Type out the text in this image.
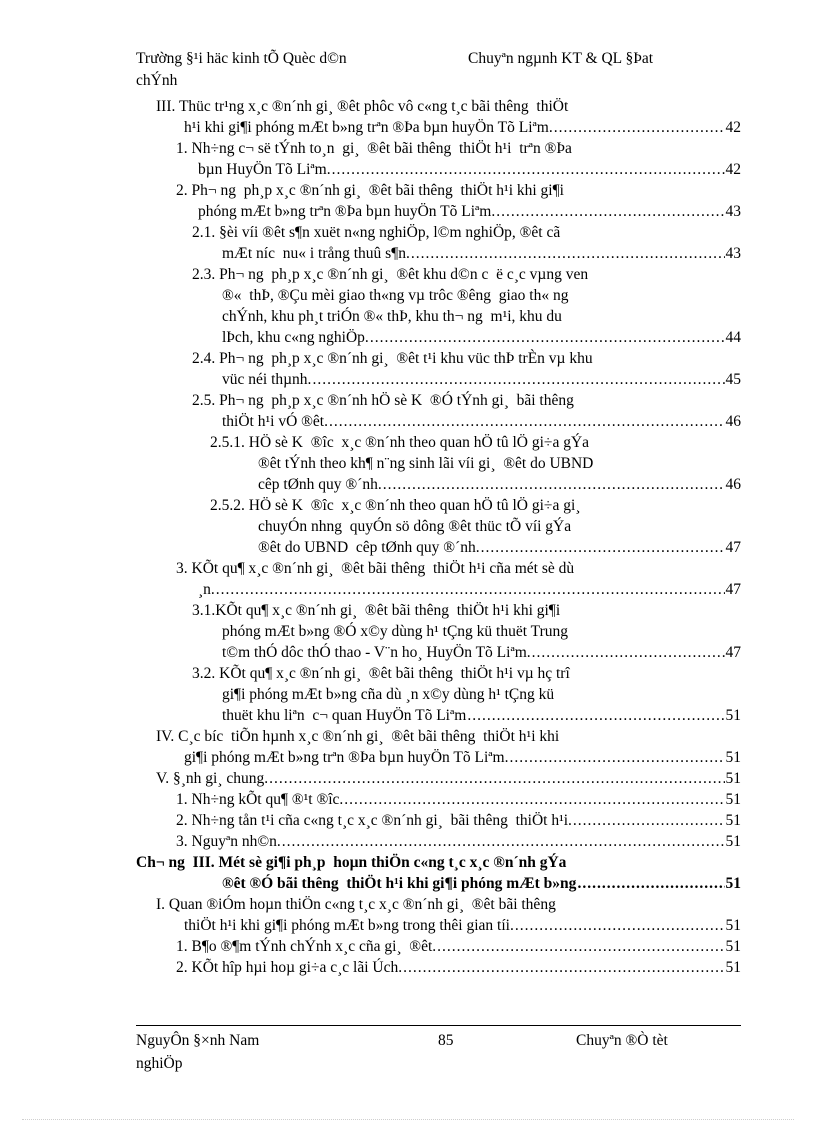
Trường §¹i häc kinh tÕ Quèc d©n	Chuyªn ngµnh KT & QL §Þat
chÝnh
III. Thüc tr¹ng x¸c ®n´nh gi¸ ®êt phôc vô c«ng t¸c bãi thêng  thiÖt
h¹i khi gi¶i phóng mÆt b»ng trªn ®Þa bµn huyÖn Tõ Liªm. .....	42
1. Nh÷ng c¬ së tÝnh to¸n  gi¸  ®êt bãi thêng  thiÖt h¹i  trªn ®Þa
bµn HuyÖn Tõ Liªm. .....	42
2. Ph¬ ng  ph¸p x¸c ®n´nh gi¸  ®êt bãi thêng  thiÖt h¹i khi gi¶i
phóng mÆt b»ng trªn ®Þa bµn huyÖn Tõ Liªm. .....	43
2.1. §èi víi ®êt s¶n xuët n«ng nghiÖp, l©m nghiÖp, ®êt cã
mÆt níc  nu« i trång thuû s¶n. .....	43
2.3. Ph¬ ng  ph¸p x¸c ®n´nh gi¸  ®êt khu d©n c  ë c¸c vµng ven
®«  thÞ, ®Çu mèi giao th«ng vµ trôc ®êng  giao th« ng
chÝnh, khu ph¸t triÓn ®« thÞ, khu th¬ ng  m¹i, khu du
lÞch, khu c«ng nghiÖp. .....	44
2.4. Ph¬ ng  ph¸p x¸c ®n´nh gi¸  ®êt t¹i khu vüc thÞ trÈn vµ khu
vüc néi thµnh. .....	45
2.5. Ph¬ ng  ph¸p x¸c ®n´nh hÖ sè K  ®Ó tÝnh gi¸  bãi thêng
thiÖt h¹i vÓ ®êt. .....	46
2.5.1. HÖ sè K  ®îc  x¸c ®n´nh theo quan hÖ tû lÖ gi÷a gÝa
®êt tÝnh theo kh¶ n¨ng sinh lãi víi gi¸  ®êt do UBND
cêp tØnh quy ®´nh. .....	46
2.5.2. HÖ sè K  ®îc  x¸c ®n´nh theo quan hÖ tû lÖ gi÷a gi¸
chuyÓn nhng  quyÓn sö dông ®êt thüc tÕ víi gÝa
®êt do UBND  cêp tØnh quy ®´nh. .....	47
3. KÕt qu¶ x¸c ®n´nh gi¸  ®êt bãi thêng  thiÖt h¹i cña mét sè dù
¸n. .....	47
3.1.KÕt qu¶ x¸c ®n´nh gi¸  ®êt bãi thêng  thiÖt h¹i khi gi¶i
phóng mÆt b»ng ®Ó x©y dùng h¹ tÇng kü thuët Trung
t©m thÓ dôc thÓ thao - V¨n ho¸ HuyÖn Tõ Liªm. .....	47
3.2. KÕt qu¶ x¸c ®n´nh gi¸  ®êt bãi thêng  thiÖt h¹i vµ hç trî
gi¶i phóng mÆt b»ng cña dù ¸n x©y dùng h¹ tÇng kü
thuët khu liªn  c¬ quan HuyÖn Tõ Liªm .....	51
IV. C¸c bíc  tiÕn hµnh x¸c ®n´nh gi¸  ®êt bãi thêng  thiÖt h¹i khi
gi¶i phóng mÆt b»ng trªn ®Þa bµn huyÖn Tõ Liªm. .....	51
V. §¸nh gi¸ chung. .....	51
1. Nh÷ng kÕt qu¶ ®¹t ®îc. .....	51
2. Nh÷ng tån t¹i cña c«ng t¸c x¸c ®n´nh gi¸  bãi thêng  thiÖt h¹i. .....	51
3. Nguyªn nh©n. .....	51
Ch¬ ng  III. Mét sè gi¶i ph¸p  hoµn thiÖn c«ng t¸c x¸c ®n´nh gÝa
®êt ®Ó bãi thêng  thiÖt h¹i khi gi¶i phóng mÆt b»ng .....	51
I. Quan ®iÓm hoµn thiÖn c«ng t¸c x¸c ®n´nh gi¸  ®êt bãi thêng
thiÖt h¹i khi gi¶i phóng mÆt b»ng trong thêi gian tíi. .....	51
1. B¶o ®¶m tÝnh chÝnh x¸c cña gi¸  ®êt. .....	51
2. KÕt hîp hµi hoµ gi÷a c¸c lãi Úch. .....	51
NguyÔn §×nh Nam	85	Chuyªn ®Ò tèt
nghiÖp
